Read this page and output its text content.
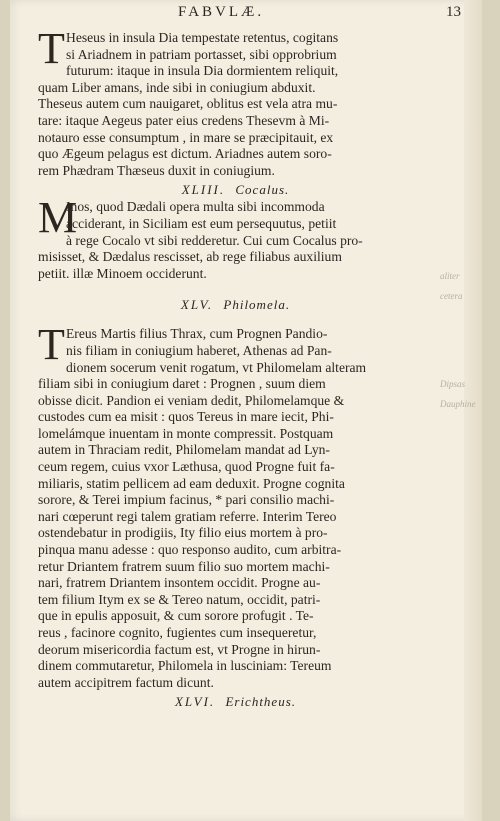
FABVLÆ.	13
T Heseus in insula Dia tempestate retentus, cogitans
si Ariadnem in patriam portasset, sibi opprobrium
futurum: itaque in insula Dia dormientem reliquit,
quam Liber amans, inde sibi in coniugium abduxit.
Theseus autem cum nauigaret, oblitus est vela atra mu-
tare: itaque Aegeus pater eius credens Thesevm à Mi-
notauro esse consumptum , in mare se præcipitauit, ex
quo Ægeum pelagus est dictum. Ariadnes autem soro-
rem Phædram Thæseus duxit in coniugium.
XLIII. Cocalus.
M
Inos, quod Dædali opera multa sibi incommoda
acciderant, in Siciliam est eum persequutus, petiit
à rege Cocalo vt sibi redderetur. Cui cum Cocalus pro-
misisset, & Dædalus rescisset, ab rege filiabus auxilium
petiit. illæ Minoem occiderunt.
XLV. Philomela.
T Ereus Martis filius Thrax, cum Prognen Pandio-
nis filiam in coniugium haberet, Athenas ad Pan-
dionem socerum venit rogatum, vt Philomelam alteram
filiam sibi in coniugium daret : Prognen , suum diem
obisse dicit. Pandion ei veniam dedit, Philomelamque &
custodes cum ea misit : quos Tereus in mare iecit, Phi-
lomelámque inuentam in monte compressit. Postquam
autem in Thraciam redit, Philomelam mandat ad Lyn-
ceum regem, cuius vxor Læthusa, quod Progne fuit fa-
miliaris, statim pellicem ad eam deduxit. Progne cognita
sorore, & Terei impium facinus, * pari consilio machi-
nari cœperunt regi talem gratiam referre. Interim Tereo
ostendebatur in prodigiis, Ity filio eius mortem à pro-
pinqua manu adesse : quo responso audito, cum arbitra-
retur Driantem fratrem suum filio suo mortem machi-
nari, fratrem Driantem insontem occidit. Progne au-
tem filium Itym ex se & Tereo natum, occidit, patri-
que in epulis apposuit, & cum sorore profugit . Te-
reus , facinore cognito, fugientes cum insequeretur,
deorum misericordia factum est, vt Progne in hirun-
dinem commutaretur, Philomela in lusciniam: Tereum
autem accipitrem factum dicunt.
XLVI. Erichtheus.
aliter
cetera
Dipsas
Dauphine
